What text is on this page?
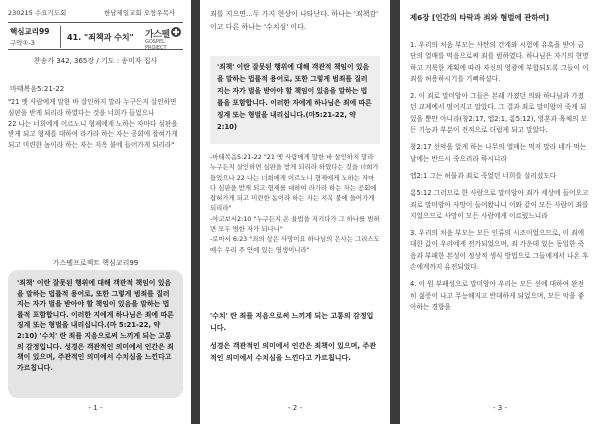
230215 수요기도회	한남제일교회 오창우목사
핵심교리99
구약①-3
41. "죄책과 수치" 가스펠
GOSPEL PROJECT
찬송가 342, 365장 / 기도 : 송미자 집사
마태복음5:21-22

"21 옛 사람에게 말한 바 살인하지 말라 누구든지 살인하면 심판을 받게 되리라 하였다는 것을 너희가 들었으나

22 나는 너희에게 이르노니 형제에게 노하는 자마다 심판을 받게 되고 형제를 대하여 라가라 하는 자는 공회에 잡혀가게 되고 미련한 놈이라 하는 자는 지옥 불에 들어가게 되리라"

가스펠프로젝트 핵심교리99
'죄책' 이란 잘못된 행위에 대해 객관적 책임이 있음을 말하는 법률적 용어로, 또한 그렇게 범죄를 질러지는 자가 벌을 받아야 할 책임이 있음을 말하는 법률적 포함합니다. 이러한 지에게 하나님은 죄에 따른 징계 또는 형벌을 내리십니다.(마 5:21-22, 약2:10) '수치' 란 죄를 지음으로써 느끼게 되는 고통의 감정입니다. 성경은 객관적인 의미에서 인간은 죄책이 있으며, 주관적인 의미에서 수치심을 느낀다고 가르칩니다.
- 1 -
죄를 지으면...두 가지 현상이 나타난다. 하나는 '죄책감' 이고 다른 하나는 '수치심' 이다.
'죄책' 이란 잘못된 행위에 대해 객관적 책임이 있음을 말하는 법률적 용어로, 또한 그렇게 범죄를 질러지는 자가 벌을 받아야 할 책임이 있음을 말하는 법률을 포함합니다. 이러한 자에게 하나님은 죄에 따른 징계 또는 형벌을 내리십니다.(마5:21-22, 약2:10)

-마태복음5:21-22 "21 옛 사람에게 말한 바 살인하지 말라 누구든지 살인하면 심판을 받게 되리라 하였다는 것을 너희가 들었으나 22 나는 너희에게 이르노니 형제에게 노하는 자마다 심판을 받게 되고 형제를 대하여 라가라 하는 자는 공회에 잡혀가게 되고 미련한 놈이라 하는 자는 지옥 불에 들어가게 되리라"

-야고보서2:10 "누구든지 온 율법을 지키다가 그 하나를 범하면 모두 범한 자가 되나니"

-로마서 6:23 "죄의 삯은 사망이요 하나님의 은사는 그리스도 예수 우리 주 안에 있는 영생이니라"

'수치' 란 죄를 지음으로써 느끼게 되는 고통의 감정입니다.
성경은 객관적인 의미에서 인간은 죄책이 있으며, 주관적인 의미에서 수치심을 느낀다고 가르칩니다.
- 2 -
제6장 [인간의 타락과 죄와 형벌에 관하여]

1. 우리의 처음 부모는 사탄의 간계와 시험에 유혹을 받아 금단의 열매를 먹음으로써 죄를 범하였다. 하나님은 자기의 현명하고 거룩한 계획에 따라 자신의 영광에 부합되도록 그들이 이 죄를 허용하시기를 기뻐하셨다.

2. 이 죄로 말미암아 그들은 본래 가졌던 의와 하나님과 가졌던 교제에서 떨어지고 말았다. 그 결과 죄로 말미암아 죽게 되었을 뿐만 아니라(창2:17, 엡2:1, 롬5:12), 영혼과 육체의 모든 기능과 부분이 전적으로 더럽게 되고 말았다.

창2:17 선악을 알게 하는 나무의 열매는 먹지 말라 네가 먹는 날에는 반드시 죽으리라 하시니라

엡2:1 그는 허물과 죄로 죽었던 너희를 살리셨도다

롬5:12 그러므로 한 사람으로 말미암아 죄가 세상에 들어오고 죄로 말미암아 사망이 들어왔나니 이와 같이 모든 사람이 죄를 지었으므로 사망이 모든 사람에게 이르렀느니라

3. 우리의 처음 부모는 모든 인류의 시조이었으므로, 이 죄에 대한 값이 우리에게 전가되었으며, 죄 가운데 있는 동일한 죽음과 부패한 본성이 정상적 생식 방법으로 그들에게서 나온 후손에게까지 유전되었다.

4. 이 원 부패성으로 말미암아 우리는 모든 선에 대하여 완전히 싫증이 나고 무능해지고 반대하게 되었으며, 모든 악을 좋아하는 경향을

- 3 -
